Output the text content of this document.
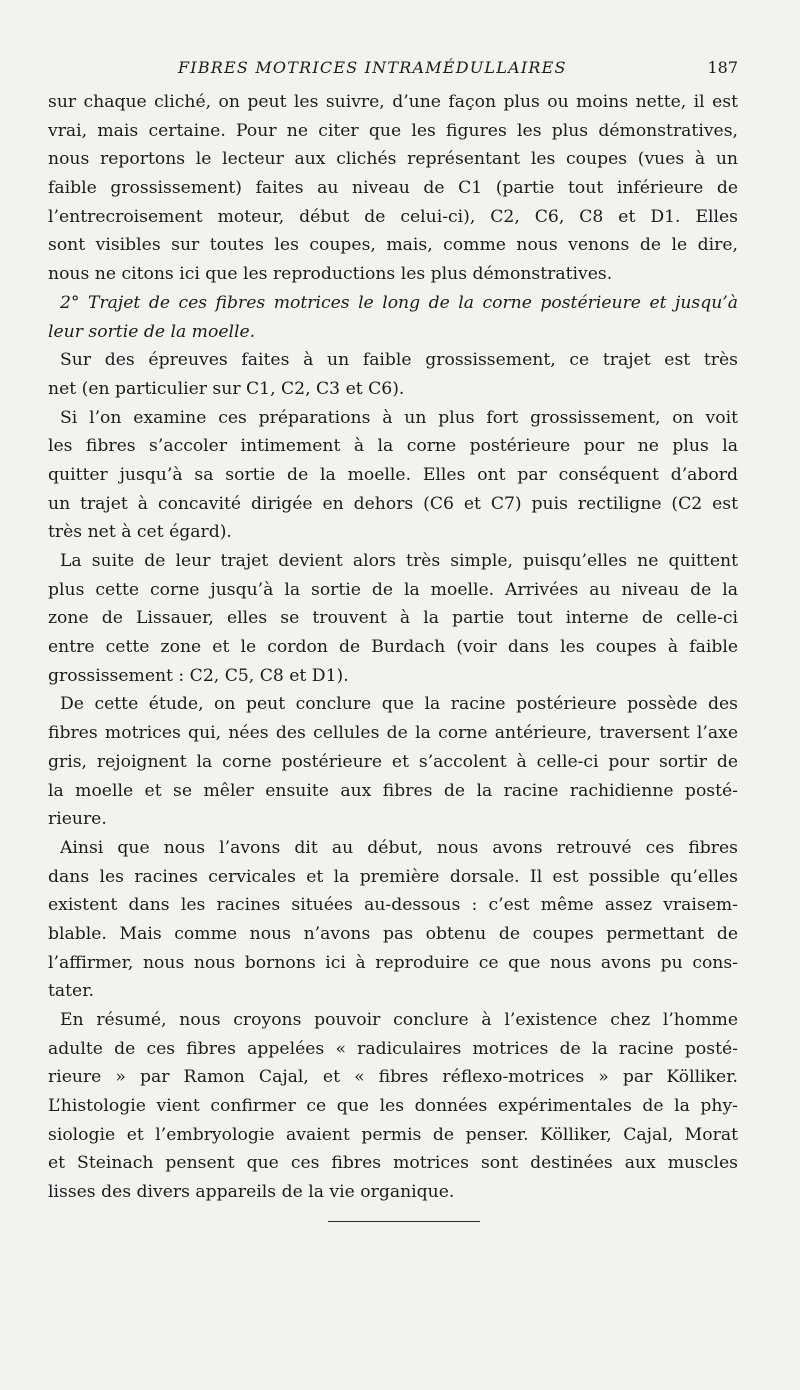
FIBRES MOTRICES INTRAMÉDULLAIRES	187
sur chaque cliché, on peut les suivre, d’une façon plus ou moins nette, il est
vrai, mais certaine. Pour ne citer que les figures les plus démonstratives,
nous reportons le lecteur aux clichés représentant les coupes (vues à un
faible grossissement) faites au niveau de C1 (partie tout inférieure de
l’entrecroisement moteur, début de celui-ci), C2, C6, C8 et D1. Elles
sont visibles sur toutes les coupes, mais, comme nous venons de le dire,
nous ne citons ici que les reproductions les plus démonstratives.
2° Trajet de ces fibres motrices le long de la corne postérieure et jusqu’à
leur sortie de la moelle.
Sur des épreuves faites à un faible grossissement, ce trajet est très
net (en particulier sur C1, C2, C3 et C6).
Si l’on examine ces préparations à un plus fort grossissement, on voit
les fibres s’accoler intimement à la corne postérieure pour ne plus la
quitter jusqu’à sa sortie de la moelle. Elles ont par conséquent d’abord
un trajet à concavité dirigée en dehors (C6 et C7) puis rectiligne (C2 est
très net à cet égard).
La suite de leur trajet devient alors très simple, puisqu’elles ne quittent
plus cette corne jusqu’à la sortie de la moelle. Arrivées au niveau de la
zone de Lissauer, elles se trouvent à la partie tout interne de celle-ci
entre cette zone et le cordon de Burdach (voir dans les coupes à faible
grossissement : C2, C5, C8 et D1).
De cette étude, on peut conclure que la racine postérieure possède des
fibres motrices qui, nées des cellules de la corne antérieure, traversent l’axe
gris, rejoignent la corne postérieure et s’accolent à celle-ci pour sortir de
la moelle et se mêler ensuite aux fibres de la racine rachidienne posté-
rieure.
Ainsi que nous l’avons dit au début, nous avons retrouvé ces fibres
dans les racines cervicales et la première dorsale. Il est possible qu’elles
existent dans les racines situées au-dessous : c’est même assez vraisem-
blable. Mais comme nous n’avons pas obtenu de coupes permettant de
l’affirmer, nous nous bornons ici à reproduire ce que nous avons pu cons-
tater.
En résumé, nous croyons pouvoir conclure à l’existence chez l’homme
adulte de ces fibres appelées « radiculaires motrices de la racine posté-
rieure » par Ramon Cajal, et « fibres réflexo-motrices » par Kölliker.
L’histologie vient confirmer ce que les données expérimentales de la phy-
siologie et l’embryologie avaient permis de penser. Kölliker, Cajal, Morat
et Steinach pensent que ces fibres motrices sont destinées aux muscles
lisses des divers appareils de la vie organique.
